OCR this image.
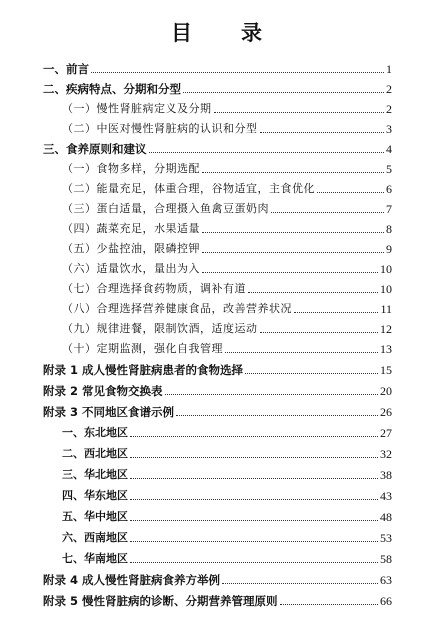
目　录
一、前言	1
二、疾病特点、分期和分型	2
（一）慢性肾脏病定义及分期	2
（二）中医对慢性肾脏病的认识和分型	3
三、食养原则和建议	4
（一）食物多样，分期选配	5
（二）能量充足，体重合理，谷物适宜，主食优化	6
（三）蛋白适量，合理摄入鱼禽豆蛋奶肉	7
（四）蔬菜充足，水果适量	8
（五）少盐控油，限磷控钾	9
（六）适量饮水，量出为入	10
（七）合理选择食药物质，调补有道	10
（八）合理选择营养健康食品，改善营养状况	11
（九）规律进餐，限制饮酒，适度运动	12
（十）定期监测，强化自我管理	13
附录 1 成人慢性肾脏病患者的食物选择	15
附录 2 常见食物交换表	20
附录 3 不同地区食谱示例	26
一、东北地区	27
二、西北地区	32
三、华北地区	38
四、华东地区	43
五、华中地区	48
六、西南地区	53
七、华南地区	58
附录 4 成人慢性肾脏病食养方举例	63
附录 5 慢性肾脏病的诊断、分期营养管理原则	66
